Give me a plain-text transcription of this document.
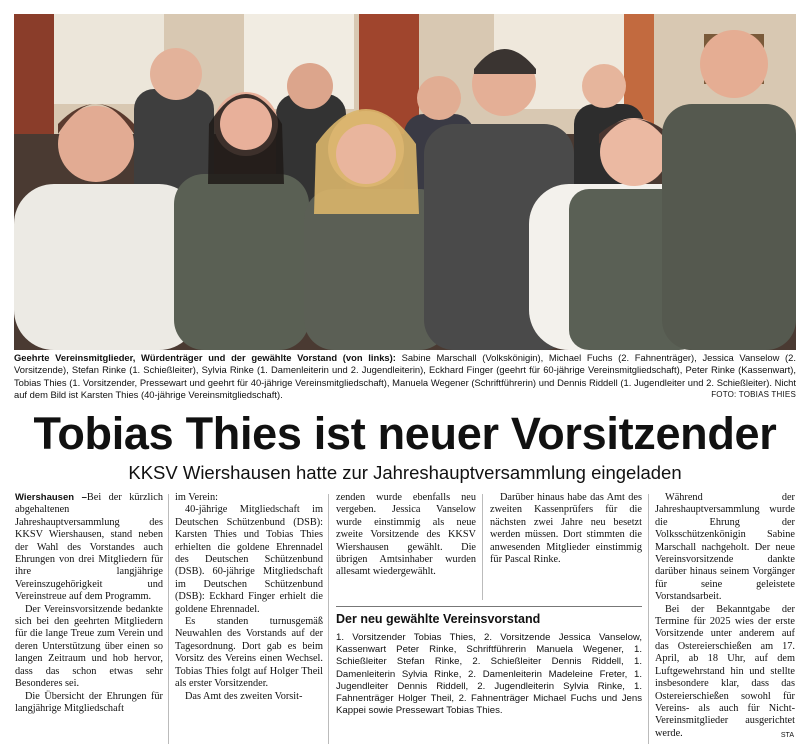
Geehrte Vereinsmitglieder, Würdenträger und der gewählte Vorstand (von links): Sabine Marschall (Volkskönigin), Michael Fuchs (2. Fahnenträger), Jessica Vanselow (2. Vorsitzende), Stefan Rinke (1. Schießleiter), Sylvia Rinke (1. Damenleiterin und 2. Jugendleiterin), Eckhard Finger (geehrt für 60-jährige Vereinsmitgliedschaft), Peter Rinke (Kassenwart), Tobias Thies (1. Vorsitzender, Pressewart und geehrt für 40-jährige Vereinsmitgliedschaft), Manuela Wegener (Schriftführerin) und Dennis Riddell (1. Jugendleiter und 2. Schießleiter). Nicht auf dem Bild ist Karsten Thies (40-jährige Vereinsmitgliedschaft).	FOTO: TOBIAS THIES
Tobias Thies ist neuer Vorsitzender
KKSV Wiershausen hatte zur Jahreshauptversammlung eingeladen

Wiershausen –Bei der kürzlich abgehaltenen Jahreshauptversammlung des KKSV Wiershausen, stand neben der Wahl des Vorstandes auch Ehrungen von drei Mitgliedern für ihre langjährige Vereinszugehörigkeit und Vereinstreue auf dem Programm.

Der Vereinsvorsitzende bedankte sich bei den geehrten Mitgliedern für die lange Treue zum Verein und deren Unterstützung über einen so langen Zeitraum und hob hervor, dass das schon etwas sehr Besonderes sei.

Die Übersicht der Ehrungen für langjährige Mitgliedschaft

im Verein:

40-jährige Mitgliedschaft im Deutschen Schützenbund (DSB): Karsten Thies und Tobias Thies erhielten die goldene Ehrennadel des Deutschen Schützenbund (DSB). 60-jährige Mitgliedschaft im Deutschen Schützenbund (DSB): Eckhard Finger erhielt die goldene Ehrennadel.

Es standen turnusgemäß Neuwahlen des Vorstands auf der Tagesordnung. Dort gab es beim Vorsitz des Vereins einen Wechsel. Tobias Thies folgt auf Holger Theil als erster Vorsitzender.

Das Amt des zweiten Vorsit-

zenden wurde ebenfalls neu vergeben. Jessica Vanselow wurde einstimmig als neue zweite Vorsitzende des KKSV Wiershausen gewählt. Die übrigen Amtsinhaber wurden allesamt wiedergewählt.

Darüber hinaus habe das Amt des zweiten Kassenprüfers für die nächsten zwei Jahre neu besetzt werden müssen. Dort stimmten die anwesenden Mitglieder einstimmig für Pascal Rinke.

Der neu gewählte Vereinsvorstand
1. Vorsitzender Tobias Thies, 2. Vorsitzende Jessica Vanselow, Kassenwart Peter Rinke, Schriftführerin Manuela Wegener, 1. Schießleiter Stefan Rinke, 2. Schießleiter Dennis Riddell, 1. Damenleiterin Sylvia Rinke, 2. Damenleiterin Madeleine Freter, 1. Jugendleiter Dennis Riddell, 2. Jugendleiterin Sylvia Rinke, 1. Fahnenträger Holger Theil, 2. Fahnenträger Michael Fuchs und Jens Kappei sowie Pressewart Tobias Thies.

Während der Jahreshauptversammlung wurde die Ehrung der Volksschützenkönigin Sabine Marschall nachgeholt. Der neue Vereinsvorsitzende dankte darüber hinaus seinem Vorgänger für seine geleistete Vorstandsarbeit.

Bei der Bekanntgabe der Termine für 2025 wies der erste Vorsitzende unter anderem auf das Ostereierschießen am 17. April, ab 18 Uhr, auf dem Luftgewehrstand hin und stellte insbesondere klar, dass das Ostereierschießen sowohl für Vereins- als auch für Nicht-Vereinsmitglieder ausgerichtet werde.	STA
